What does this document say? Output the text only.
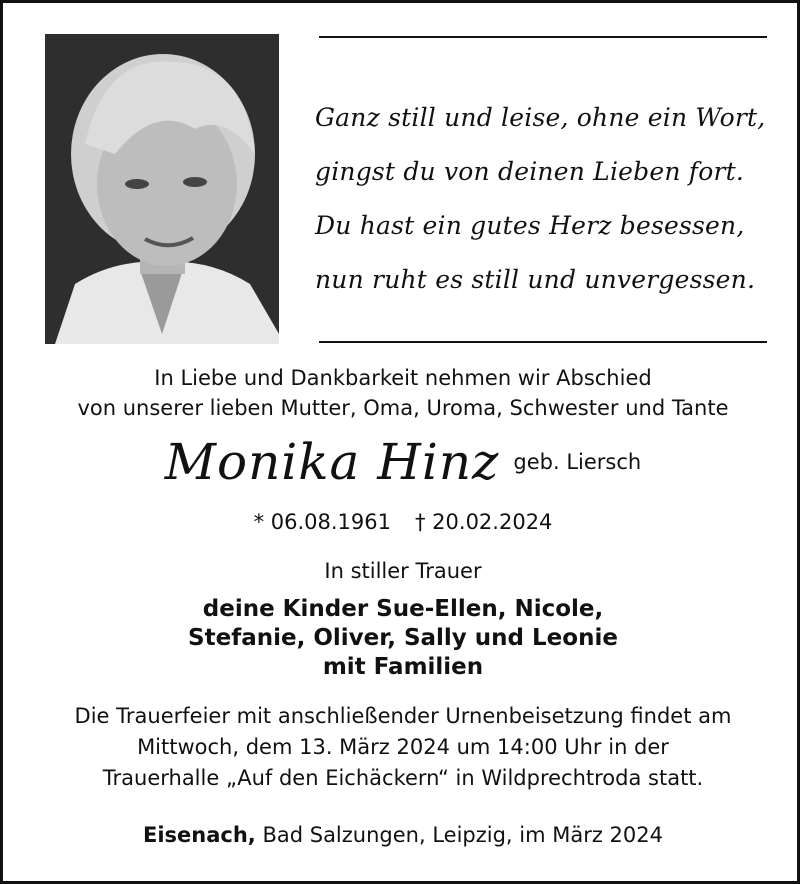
Ganz still und leise, ohne ein Wort,
gingst du von deinen Lieben fort.
Du hast ein gutes Herz besessen,
nun ruht es still und unvergessen.
In Liebe und Dankbarkeit nehmen wir Abschied
von unserer lieben Mutter, Oma, Uroma, Schwester und Tante
Monika Hinz geb. Liersch
* 06.08.1961 † 20.02.2024
In stiller Trauer
deine Kinder Sue-Ellen, Nicole,
Stefanie, Oliver, Sally und Leonie
mit Familien
Die Trauerfeier mit anschließender Urnenbeisetzung findet am
Mittwoch, dem 13. März 2024 um 14:00 Uhr in der
Trauerhalle „Auf den Eichäckern“ in Wildprechtroda statt.
Eisenach, Bad Salzungen, Leipzig, im März 2024
